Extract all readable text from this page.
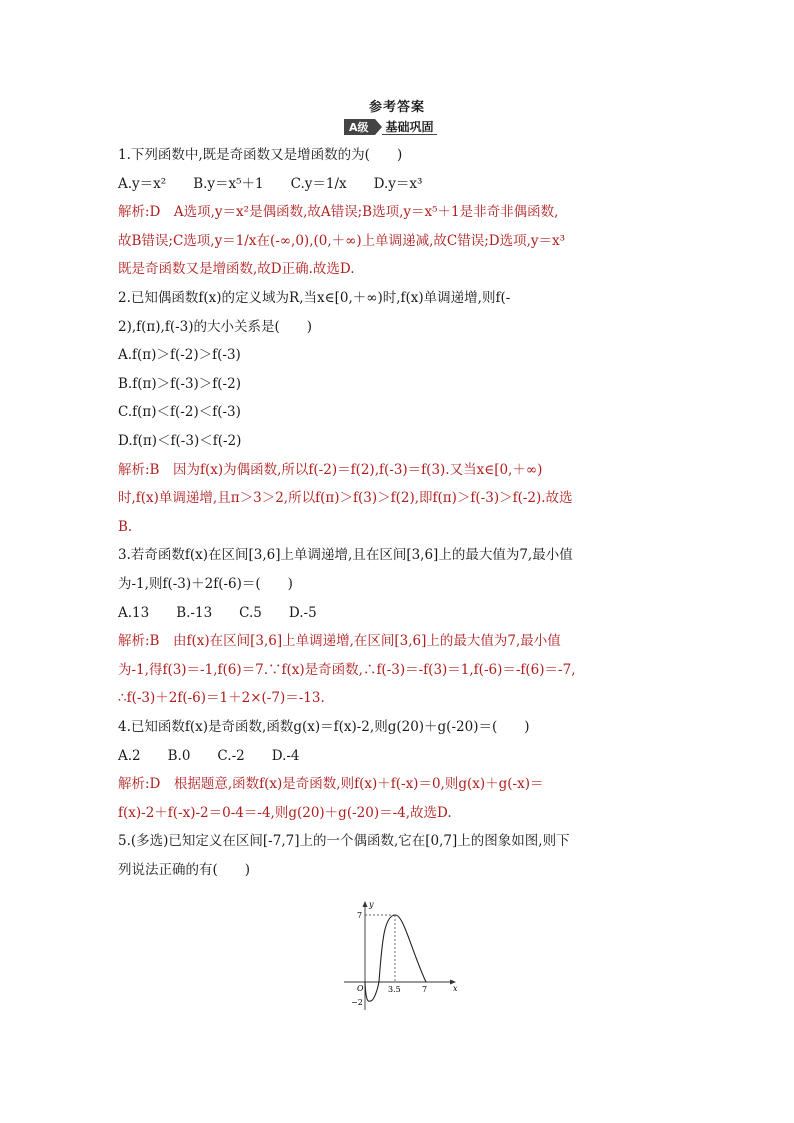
参考答案
A级	基础巩固
1.下列函数中,既是奇函数又是增函数的为(　　)
A.y＝x²　　B.y＝x⁵＋1　　C.y＝1/x　　D.y＝x³
解析:D　A选项,y＝x²是偶函数,故A错误;B选项,y＝x⁵＋1是非奇非偶函数,
故B错误;C选项,y＝1/x在(-∞,0),(0,＋∞)上单调递减,故C错误;D选项,y＝x³
既是奇函数又是增函数,故D正确.故选D.
2.已知偶函数f(x)的定义域为R,当x∈[0,＋∞)时,f(x)单调递增,则f(-
2),f(π),f(-3)的大小关系是(　　)
A.f(π)＞f(-2)＞f(-3)
B.f(π)＞f(-3)＞f(-2)
C.f(π)＜f(-2)＜f(-3)
D.f(π)＜f(-3)＜f(-2)
解析:B　因为f(x)为偶函数,所以f(-2)＝f(2),f(-3)＝f(3).又当x∈[0,＋∞)
时,f(x)单调递增,且π＞3＞2,所以f(π)＞f(3)＞f(2),即f(π)＞f(-3)＞f(-2).故选
B.
3.若奇函数f(x)在区间[3,6]上单调递增,且在区间[3,6]上的最大值为7,最小值
为-1,则f(-3)＋2f(-6)＝(　　)
A.13　　B.-13　　C.5　　D.-5
解析:B　由f(x)在区间[3,6]上单调递增,在区间[3,6]上的最大值为7,最小值
为-1,得f(3)＝-1,f(6)＝7.∵f(x)是奇函数,∴f(-3)＝-f(3)＝1,f(-6)＝-f(6)＝-7,
∴f(-3)＋2f(-6)＝1＋2×(-7)＝-13.
4.已知函数f(x)是奇函数,函数g(x)＝f(x)-2,则g(20)＋g(-20)＝(　　)
A.2　　B.0　　C.-2　　D.-4
解析:D　根据题意,函数f(x)是奇函数,则f(x)＋f(-x)＝0,则g(x)＋g(-x)＝
f(x)-2＋f(-x)-2＝0-4＝-4,则g(20)＋g(-20)＝-4,故选D.
5.(多选)已知定义在区间[-7,7]上的一个偶函数,它在[0,7]上的图象如图,则下
列说法正确的有(　　)
y
x
O
7
−2
3.5	7
